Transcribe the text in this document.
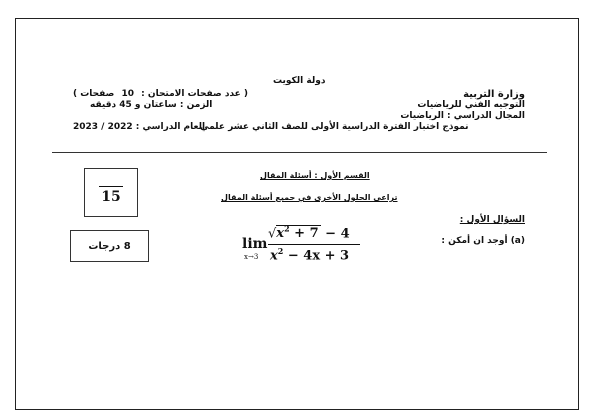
دولة الكويت
وزارة التربية
التوجيه الفني للرياضيات
المجال الدراسي : الرياضيات
نموذج اختبار الفترة الدراسية الأولى للصف الثاني عشر علمي
( عدد صفحات الامتحان : 10 صفحات )
الزمن : ساعتان و 45 دقيقه
العام الدراسي : 2023 / 2022
القسم الأول : أسئلة المقال
تراعى الحلول الأخرى في جميع أسئلة المقال
15
السؤال الأول :
(a) أوجد ان أمكن :
8 درجات	lim
x→3
$√x^2 + 7 - 4$
$x^2 - 4x + 3$
